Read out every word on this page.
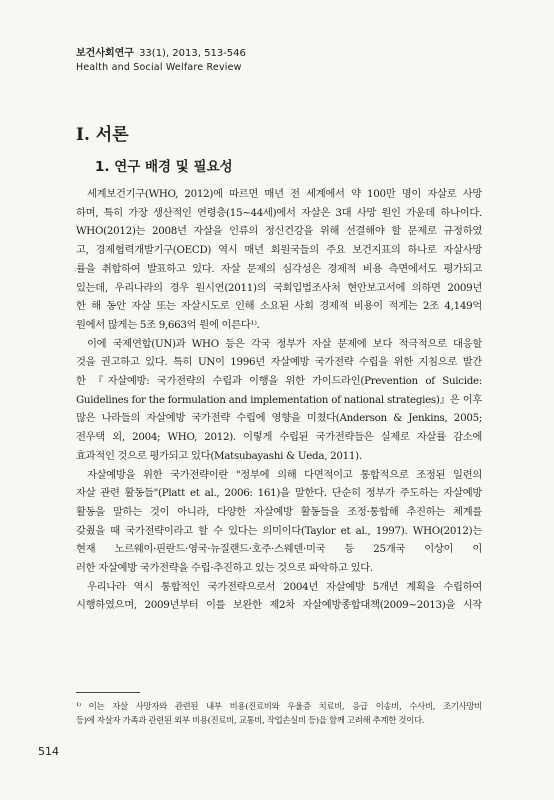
보건사회연구 33(1), 2013, 513-546
Health and Social Welfare Review
Ⅰ. 서론
1. 연구 배경 및 필요성

세계보건기구(WHO, 2012)에 따르면 매년 전 세계에서 약 100만 명이 자살로 사망

하며, 특히 가장 생산적인 연령층(15~44세)에서 자살은 3대 사망 원인 가운데 하나이다.

WHO(2012)는 2008년 자살을 인류의 정신건강을 위해 선결해야 할 문제로 규정하였

고, 경제협력개발기구(OECD) 역시 매년 회원국들의 주요 보건지표의 하나로 자살사망

률을 취합하여 발표하고 있다. 자살 문제의 심각성은 경제적 비용 측면에서도 평가되고

있는데, 우리나라의 경우 원시연(2011)의 국회입법조사처 현안보고서에 의하면 2009년

한 해 동안 자살 또는 자살시도로 인해 소요된 사회 경제적 비용이 적게는 2조 4,149억

원에서 많게는 5조 9,663억 원에 이른다¹⁾.

이에 국제연합(UN)과 WHO 등은 각국 정부가 자살 문제에 보다 적극적으로 대응할

것을 권고하고 있다. 특히 UN이 1996년 자살예방 국가전략 수립을 위한 지침으로 발간

한 『자살예방: 국가전략의 수립과 이행을 위한 가이드라인(Prevention of Suicide:

Guidelines for the formulation and implementation of national strategies)』은 이후

많은 나라들의 자살예방 국가전략 수립에 영향을 미쳤다(Anderson & Jenkins, 2005;

전우택 외, 2004; WHO, 2012). 이렇게 수립된 국가전략들은 실제로 자살률 감소에

효과적인 것으로 평가되고 있다(Matsubayashi & Ueda, 2011).

자살예방을 위한 국가전략이란 "정부에 의해 다면적이고 통합적으로 조정된 일련의

자살 관련 활동들"(Platt et al., 2006: 161)을 말한다. 단순히 정부가 주도하는 자살예방

활동을 말하는 것이 아니라, 다양한 자살예방 활동들을 조정·통합해 추진하는 체계를

갖췄을 때 국가전략이라고 할 수 있다는 의미이다(Taylor et al., 1997). WHO(2012)는

현재 노르웨이·핀란드·영국·뉴질랜드·호주·스웨덴·미국 등 25개국 이상이 이

러한 자살예방 국가전략을 수립·추진하고 있는 것으로 파악하고 있다.

우리나라 역시 통합적인 국가전략으로서 2004년 자살예방 5개년 계획을 수립하여

시행하였으며, 2009년부터 이를 보완한 제2차 자살예방종합대책(2009~2013)을 시작

¹⁾ 이는 자살 사망자와 관련된 내부 비용(진료비와 우울증 치료비, 응급 이송비, 수사비, 조기사망비

등)에 자살자 가족과 관련된 외부 비용(진료비, 교통비, 작업손실비 등)을 함께 고려해 추계한 것이다.

514
